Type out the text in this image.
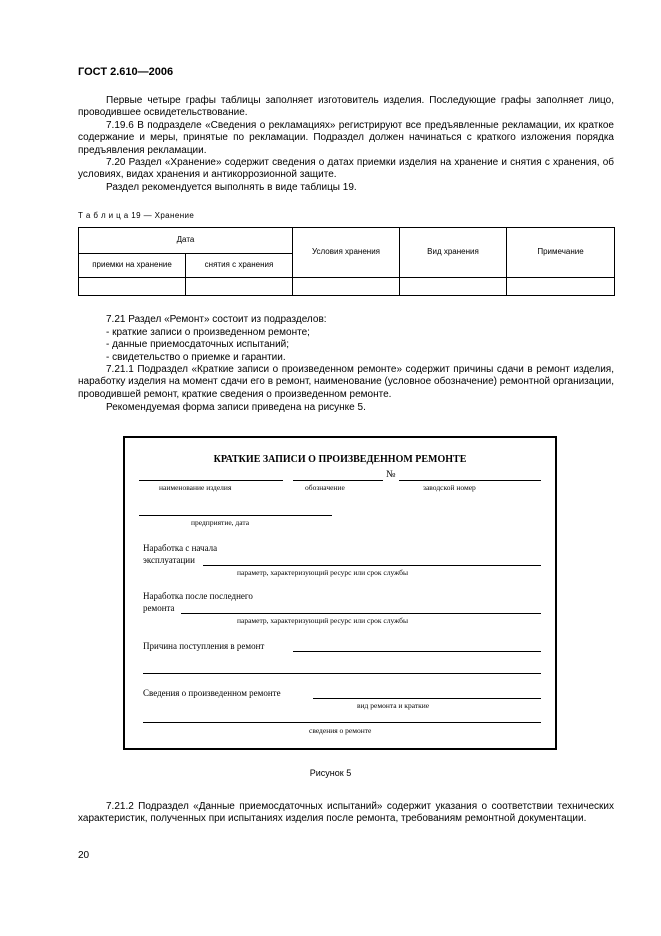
ГОСТ 2.610—2006
Первые четыре графы таблицы заполняет изготовитель изделия. Последующие графы заполняет лицо, проводившее освидетельствование.
7.19.6 В подразделе «Сведения о рекламациях» регистрируют все предъявленные рекламации, их краткое содержание и меры, принятые по рекламации. Подраздел должен начинаться с краткого изложения порядка предъявления рекламации.
7.20 Раздел «Хранение» содержит сведения о датах приемки изделия на хранение и снятия с хранения, об условиях, видах хранения и антикоррозионной защите.
Раздел рекомендуется выполнять в виде таблицы 19.
Т а б л и ц а 19 — Хранение
Дата		Условия хранения	Вид хранения	Примечание
приемки на хранение	снятия с хранения			

7.21 Раздел «Ремонт» состоит из подразделов:
- краткие записи о произведенном ремонте;
- данные приемосдаточных испытаний;
- свидетельство о приемке и гарантии.
7.21.1 Подраздел «Краткие записи о произведенном ремонте» содержит причины сдачи в ремонт изделия, наработку изделия на момент сдачи его в ремонт, наименование (условное обозначение) ремонтной организации, проводившей ремонт, краткие сведения о произведенном ремонте.
Рекомендуемая форма записи приведена на рисунке 5.
КРАТКИЕ ЗАПИСИ О ПРОИЗВЕДЕННОМ РЕМОНТЕ
№
наименование изделия	обозначение	заводской номер
предприятие, дата
Наработка с начала
эксплуатации
параметр, характеризующий ресурс или срок службы
Наработка после последнего
ремонта
параметр, характеризующий ресурс или срок службы
Причина поступления в ремонт
Сведения о произведенном ремонте
вид ремонта и краткие
сведения о ремонте
Рисунок 5
7.21.2 Подраздел «Данные приемосдаточных испытаний» содержит указания о соответствии технических характеристик, полученных при испытаниях изделия после ремонта, требованиям ремонтной документации.
20
